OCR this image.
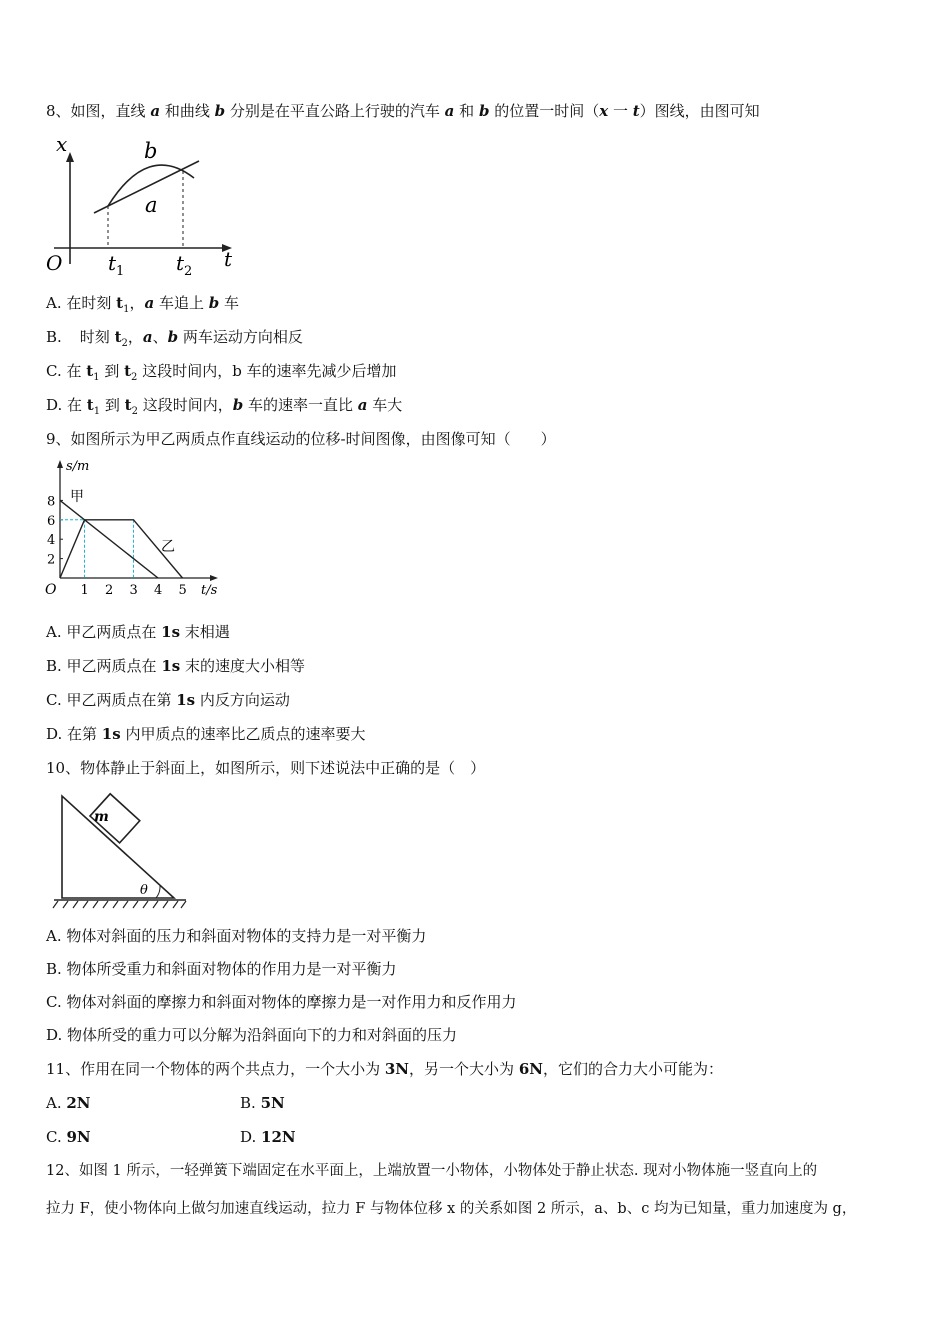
8、如图，直线 a 和曲线 b 分别是在平直公路上行驶的汽车 a 和 b 的位置一时间（x 一 t）图线，由图可知
x
t
O
b
a
$t_1$	$t_2$
A. 在时刻 $t_1$，a 车追上 b 车
B. 时刻 $t_2$，a、b 两车运动方向相反
C. 在 $t_1$ 到 $t_2$ 这段时间内，b 车的速率先减少后增加
D. 在 $t_1$ 到 $t_2$ 这段时间内，b 车的速率一直比 a 车大
9、如图所示为甲乙两质点作直线运动的位移-时间图像，由图像可知（　　）
s/m
t/s
O
2
4
6
8
1 2 3 4 5
甲
乙
A. 甲乙两质点在 1s 末相遇
B. 甲乙两质点在 1s 末的速度大小相等
C. 甲乙两质点在第 1s 内反方向运动
D. 在第 1s 内甲质点的速率比乙质点的速率要大
10、物体静止于斜面上，如图所示，则下述说法中正确的是（　）
m
θ
A. 物体对斜面的压力和斜面对物体的支持力是一对平衡力
B. 物体所受重力和斜面对物体的作用力是一对平衡力
C. 物体对斜面的摩擦力和斜面对物体的摩擦力是一对作用力和反作用力
D. 物体所受的重力可以分解为沿斜面向下的力和对斜面的压力
11、作用在同一个物体的两个共点力，一个大小为 3N，另一个大小为 6N，它们的合力大小可能为：
A. 2N	B. 5N
C. 9N	D. 12N
12、如图 1 所示，一轻弹簧下端固定在水平面上，上端放置一小物体，小物体处于静止状态. 现对小物体施一竖直向上的
拉力 F，使小物体向上做匀加速直线运动，拉力 F 与物体位移 x 的关系如图 2 所示，a、b、c 均为已知量，重力加速度为 g，
